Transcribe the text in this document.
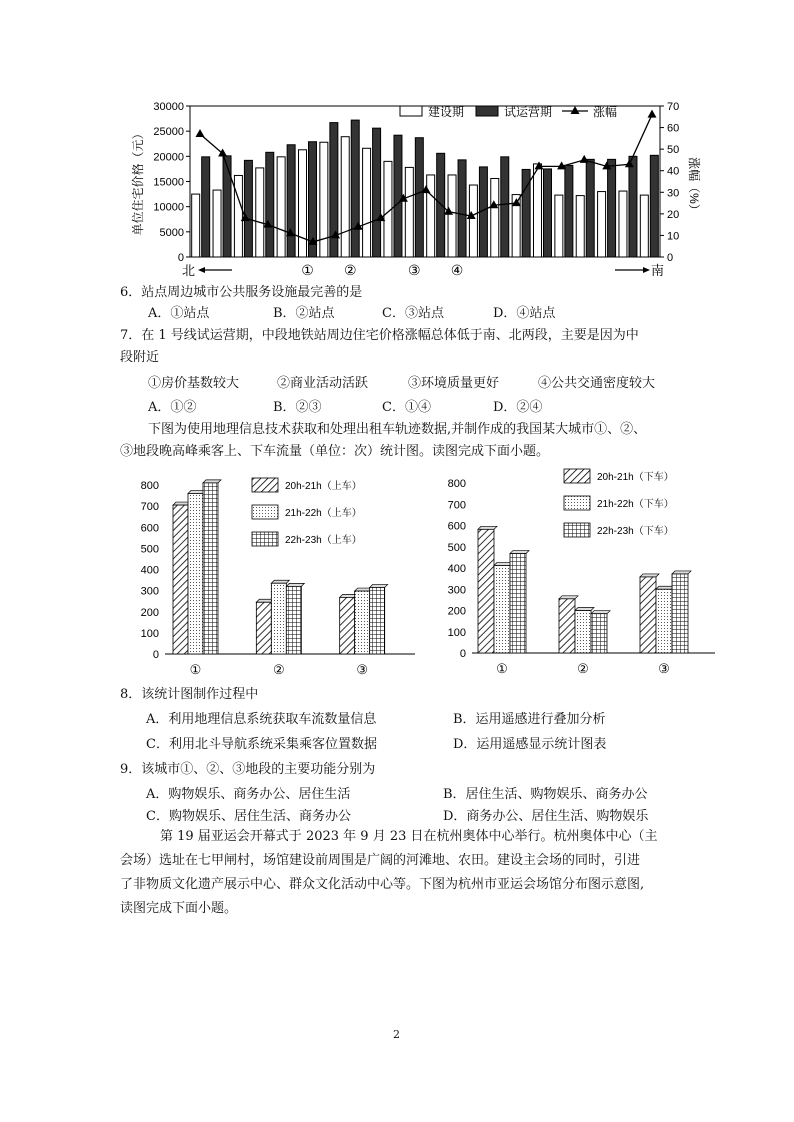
30000
25000
20000
15000
10000
5000
0
70
60
50
40
30
20
10
0
单位住宅价格（元）	涨幅（%）
建设期	试运营期	涨幅
北	南
① ②	③ ④
800
700
600
500
400
300
200
100
0
①	②	③
20h-21h（上车）
21h-22h（上车）
22h-23h（上车）
800
700
600
500
400
300
200
100
0
①	②	③
20h-21h（下车）
21h-22h（下车）
22h-23h（下车）
6．站点周边城市公共服务设施最完善的是
A．①站点	B．②站点	C．③站点	D．④站点
7．在 1 号线试运营期，中段地铁站周边住宅价格涨幅总体低于南、北两段，主要是因为中
段附近
①房价基数较大	②商业活动活跃	③环境质量更好	④公共交通密度较大
A．①②	B．②③	C．①④	D．②④
下图为使用地理信息技术获取和处理出租车轨迹数据,并制作成的我国某大城市①、②、
③地段晚高峰乘客上、下车流量（单位：次）统计图。读图完成下面小题。
8．该统计图制作过程中
A．利用地理信息系统获取车流数量信息	B．运用遥感进行叠加分析
C．利用北斗导航系统采集乘客位置数据	D．运用遥感显示统计图表
9．该城市①、②、③地段的主要功能分别为
A．购物娱乐、商务办公、居住生活	B．居住生活、购物娱乐、商务办公
C．购物娱乐、居住生活、商务办公	D．商务办公、居住生活、购物娱乐
第 19 届亚运会开幕式于 2023 年 9 月 23 日在杭州奥体中心举行。杭州奥体中心（主
会场）选址在七甲闸村，场馆建设前周围是广阔的河滩地、农田。建设主会场的同时，引进
了非物质文化遗产展示中心、群众文化活动中心等。下图为杭州市亚运会场馆分布图示意图,
读图完成下面小题。
2
